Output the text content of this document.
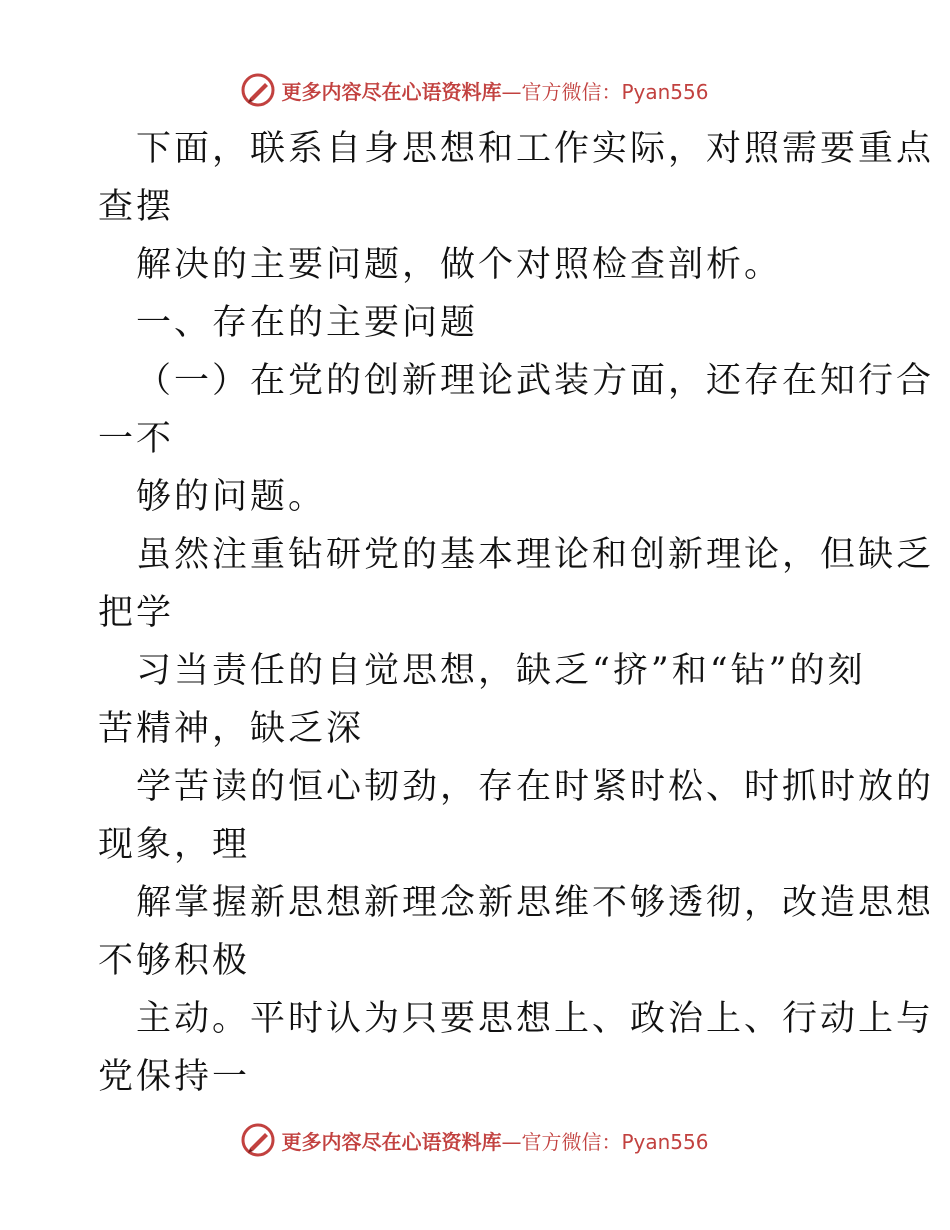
更多内容尽在心语资料库—官方微信：Pyan556
下面，联系自身思想和工作实际，对照需要重点
查摆
解决的主要问题，做个对照检查剖析。
一、存在的主要问题
（一）在党的创新理论武装方面，还存在知行合
一不
够的问题。
虽然注重钻研党的基本理论和创新理论，但缺乏
把学
习当责任的自觉思想，缺乏“挤”和“钻”的刻
苦精神，缺乏深
学苦读的恒心韧劲，存在时紧时松、时抓时放的
现象，理
解掌握新思想新理念新思维不够透彻，改造思想
不够积极
主动。平时认为只要思想上、政治上、行动上与
党保持一
更多内容尽在心语资料库—官方微信：Pyan556
